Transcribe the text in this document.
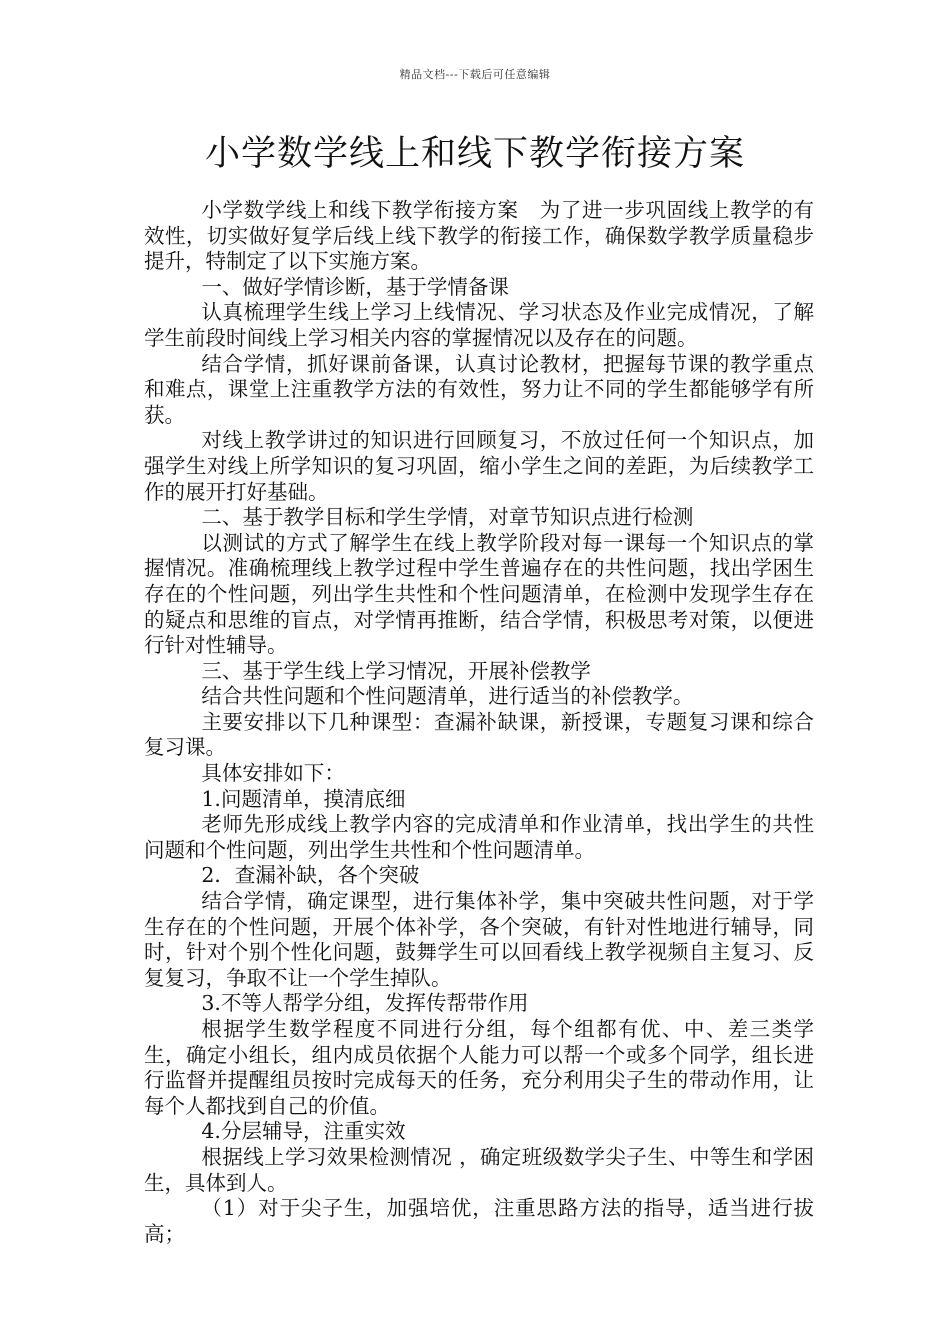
精品文档---下载后可任意编辑
小学数学线上和线下教学衔接方案

小学数学线上和线下教学衔接方案　为了进一步巩固线上教学的有效性，切实做好复学后线上线下教学的衔接工作，确保数学教学质量稳步提升，特制定了以下实施方案。

一、做好学情诊断，基于学情备课

认真梳理学生线上学习上线情况、学习状态及作业完成情况，了解学生前段时间线上学习相关内容的掌握情况以及存在的问题。

结合学情，抓好课前备课，认真讨论教材，把握每节课的教学重点和难点，课堂上注重教学方法的有效性，努力让不同的学生都能够学有所获。

对线上教学讲过的知识进行回顾复习，不放过任何一个知识点，加强学生对线上所学知识的复习巩固，缩小学生之间的差距，为后续教学工作的展开打好基础。

二、基于教学目标和学生学情，对章节知识点进行检测

以测试的方式了解学生在线上教学阶段对每一课每一个知识点的掌握情况。准确梳理线上教学过程中学生普遍存在的共性问题，找出学困生存在的个性问题，列出学生共性和个性问题清单，在检测中发现学生存在的疑点和思维的盲点，对学情再推断，结合学情，积极思考对策，以便进行针对性辅导。

三、基于学生线上学习情况，开展补偿教学

结合共性问题和个性问题清单，进行适当的补偿教学。

主要安排以下几种课型：查漏补缺课，新授课，专题复习课和综合复习课。

具体安排如下：

1.问题清单，摸清底细

老师先形成线上教学内容的完成清单和作业清单，找出学生的共性问题和个性问题，列出学生共性和个性问题清单。

2．查漏补缺，各个突破

结合学情，确定课型，进行集体补学，集中突破共性问题，对于学生存在的个性问题，开展个体补学，各个突破，有针对性地进行辅导，同时，针对个别个性化问题，鼓舞学生可以回看线上教学视频自主复习、反复复习，争取不让一个学生掉队。

3.不等人帮学分组，发挥传帮带作用

根据学生数学程度不同进行分组，每个组都有优、中、差三类学生，确定小组长，组内成员依据个人能力可以帮一个或多个同学，组长进行监督并提醒组员按时完成每天的任务，充分利用尖子生的带动作用，让每个人都找到自己的价值。

4.分层辅导，注重实效

根据线上学习效果检测情况 ，确定班级数学尖子生、中等生和学困生，具体到人。

（1）对于尖子生，加强培优，注重思路方法的指导，适当进行拔高；
